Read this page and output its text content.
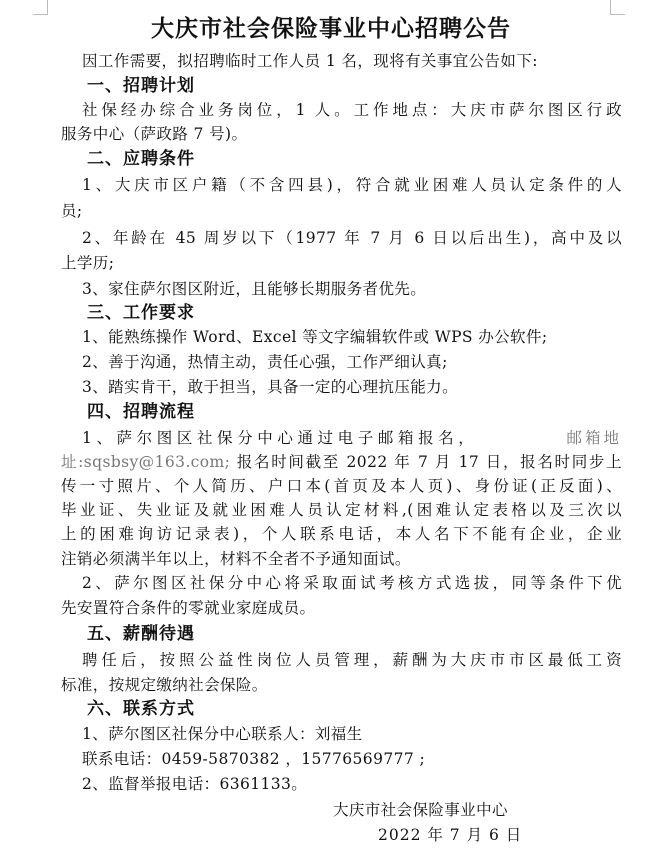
大庆市社会保险事业中心招聘公告
因工作需要，拟招聘临时工作人员 1 名，现将有关事宜公告如下:
一、招聘计划
社保经办综合业务岗位，1 人。工作地点：大庆市萨尔图区行政
服务中心（萨政路 7 号)。
二、应聘条件
1、大庆市区户籍（不含四县)，符合就业困难人员认定条件的人
员;
2、年龄在 45 周岁以下（1977 年 7 月 6 日以后出生)，高中及以
上学历;
3、家住萨尔图区附近，且能够长期服务者优先。
三、工作要求
1、能熟练操作 Word、Excel 等文字编辑软件或 WPS 办公软件;
2、善于沟通，热情主动，责任心强，工作严细认真;
3、踏实肯干，敢于担当，具备一定的心理抗压能力。
四、招聘流程
1、萨尔图区社保分中心通过电子邮箱报名，	邮箱地
址:sqsbsy@163.com; 报名时间截至 2022 年 7 月 17 日，报名时同步上
传一寸照片、个人简历、户口本(首页及本人页)、身份证(正反面)、
毕业证、失业证及就业困难人员认定材料,(困难认定表格以及三次以
上的困难询访记录表)，个人联系电话，本人名下不能有企业，企业
注销必须满半年以上，材料不全者不予通知面试。
2、萨尔图区社保分中心将采取面试考核方式选拔，同等条件下优
先安置符合条件的零就业家庭成员。
五、薪酬待遇
聘任后，按照公益性岗位人员管理，薪酬为大庆市市区最低工资
标准，按规定缴纳社会保险。
六、联系方式
1、萨尔图区社保分中心联系人：刘福生
联系电话：0459-5870382 ，15776569777 ;
2、监督举报电话：6361133。
大庆市社会保险事业中心
2022 年 7 月 6 日
